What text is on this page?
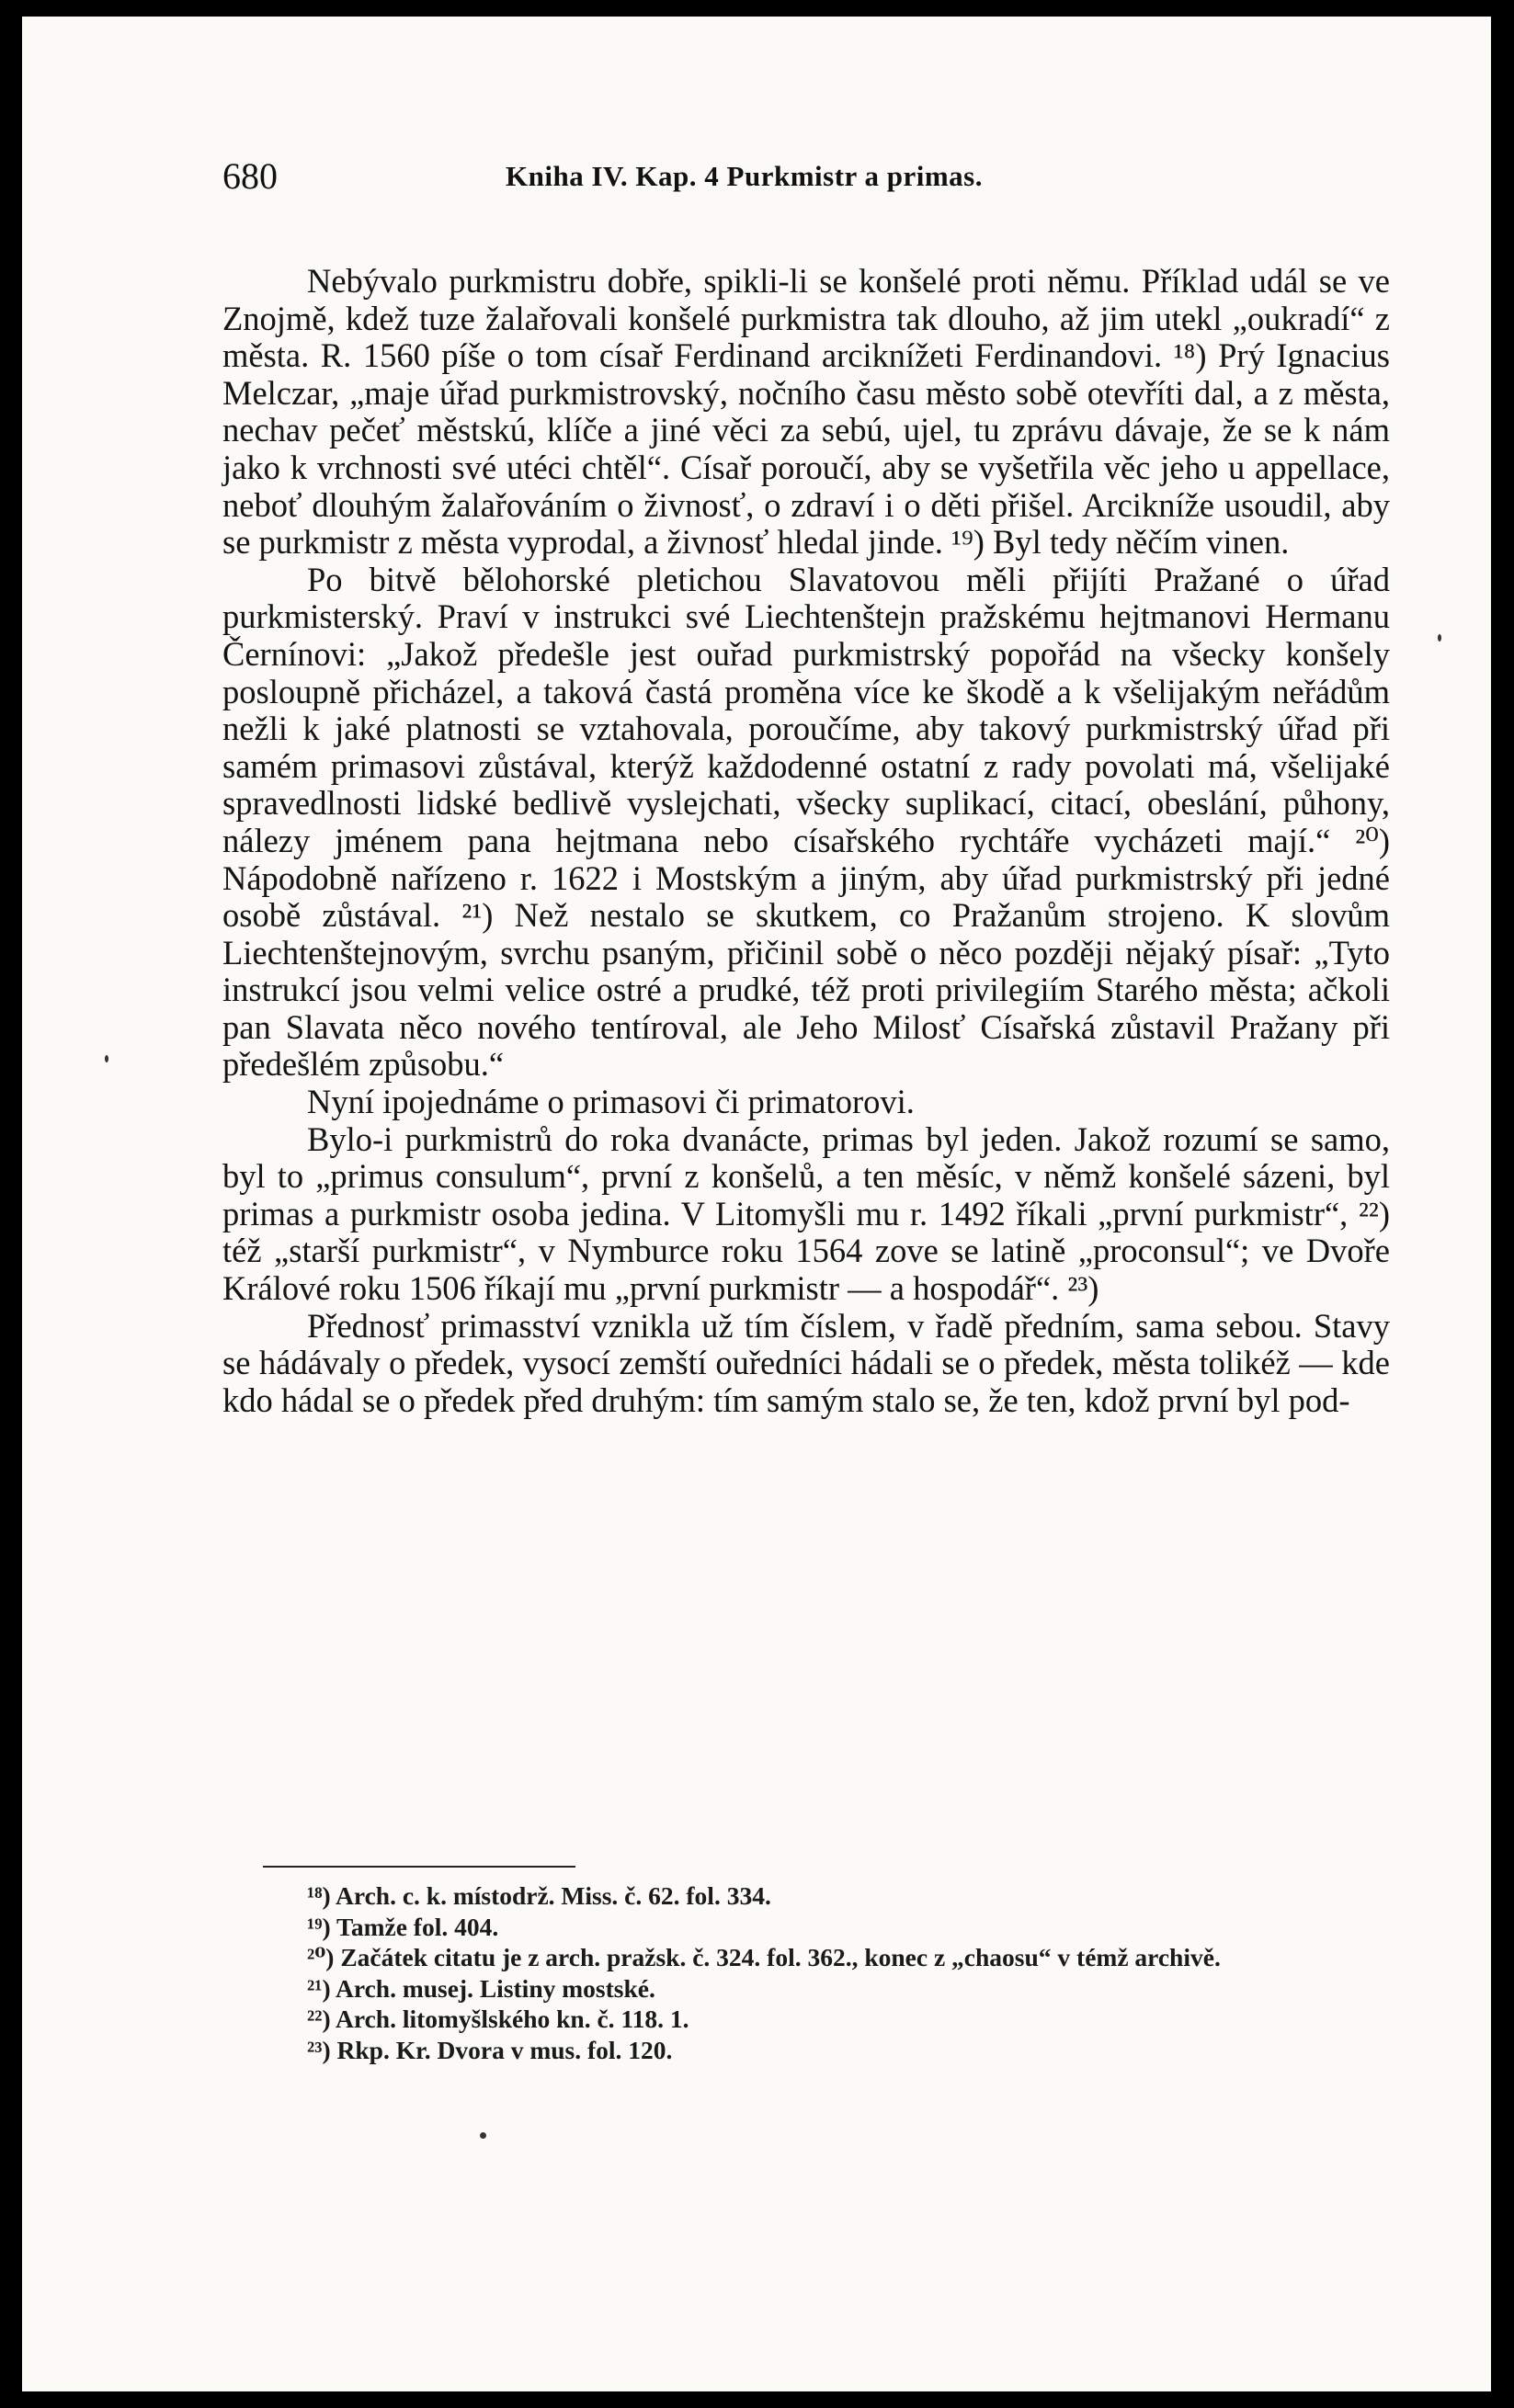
680	Kniha IV. Kap. 4 Purkmistr a primas.

Nebývalo purkmistru dobře, spikli-li se konšelé proti němu. Příklad udál se ve Znojmě, kdež tuze žalařovali konšelé purkmistra tak dlouho, až jim utekl „oukradí“ z města. R. 1560 píše o tom císař Ferdinand arciknížeti Ferdinandovi. ¹⁸) Prý Ignacius Melczar, „maje úřad purkmistrovský, nočního času město sobě otevříti dal, a z města, nechav pečeť městskú, klíče a jiné věci za sebú, ujel, tu zprávu dávaje, že se k nám jako k vrchnosti své utéci chtěl“. Císař poroučí, aby se vyšetřila věc jeho u appellace, neboť dlouhým žalařováním o živnosť, o zdraví i o děti přišel. Arcikníže usoudil, aby se purkmistr z města vyprodal, a živnosť hledal jinde. ¹⁹) Byl tedy něčím vinen.

Po bitvě bělohorské pletichou Slavatovou měli přijíti Pražané o úřad purkmisterský. Praví v instrukci své Liechtenštejn pražskému hejtmanovi Hermanu Černínovi: „Jakož předešle jest ouřad purkmistrský popořád na všecky konšely posloupně přicházel, a taková častá proměna více ke škodě a k všelijakým neřádům nežli k jaké platnosti se vztahovala, poroučíme, aby takový purkmistrský úřad při samém primasovi zůstával, kterýž každodenné ostatní z rady povolati má, všelijaké spravedlnosti lidské bedlivě vyslejchati, všecky suplikací, citací, obeslání, půhony, nálezy jménem pana hejtmana nebo císařského rychtáře vycházeti mají.“ ²⁰) Nápodobně nařízeno r. 1622 i Mostským a jiným, aby úřad purkmistrský při jedné osobě zůstával. ²¹) Než nestalo se skutkem, co Pražanům strojeno. K slovům Liechtenštejnovým, svrchu psaným, přičinil sobě o něco později nějaký písař: „Tyto instrukcí jsou velmi velice ostré a prudké, též proti privilegiím Starého města; ačkoli pan Slavata něco nového tentíroval, ale Jeho Milosť Císařská zůstavil Pražany při předešlém způsobu.“

Nyní ipojednáme o primasovi či primatorovi.

Bylo-i purkmistrů do roka dvanácte, primas byl jeden. Jakož rozumí se samo, byl to „primus consulum“, první z konšelů, a ten měsíc, v němž konšelé sázeni, byl primas a purkmistr osoba jedina. V Litomyšli mu r. 1492 říkali „první purkmistr“, ²²) též „starší purkmistr“, v Nymburce roku 1564 zove se latině „proconsul“; ve Dvoře Králové roku 1506 říkají mu „první purkmistr — a hospodář“. ²³)

Přednosť primasství vznikla už tím číslem, v řadě předním, sama sebou. Stavy se hádávaly o předek, vysocí zemští ouředníci hádali se o předek, města tolikéž — kde kdo hádal se o předek před druhým: tím samým stalo se, že ten, kdož první byl pod-

¹⁸) Arch. c. k. místodrž. Miss. č. 62. fol. 334.

¹⁹) Tamže fol. 404.

²⁰) Začátek citatu je z arch. pražsk. č. 324. fol. 362., konec z „chaosu“ v témž archivě.

²¹) Arch. musej. Listiny mostské.

²²) Arch. litomyšlského kn. č. 118. 1.

²³) Rkp. Kr. Dvora v mus. fol. 120.
